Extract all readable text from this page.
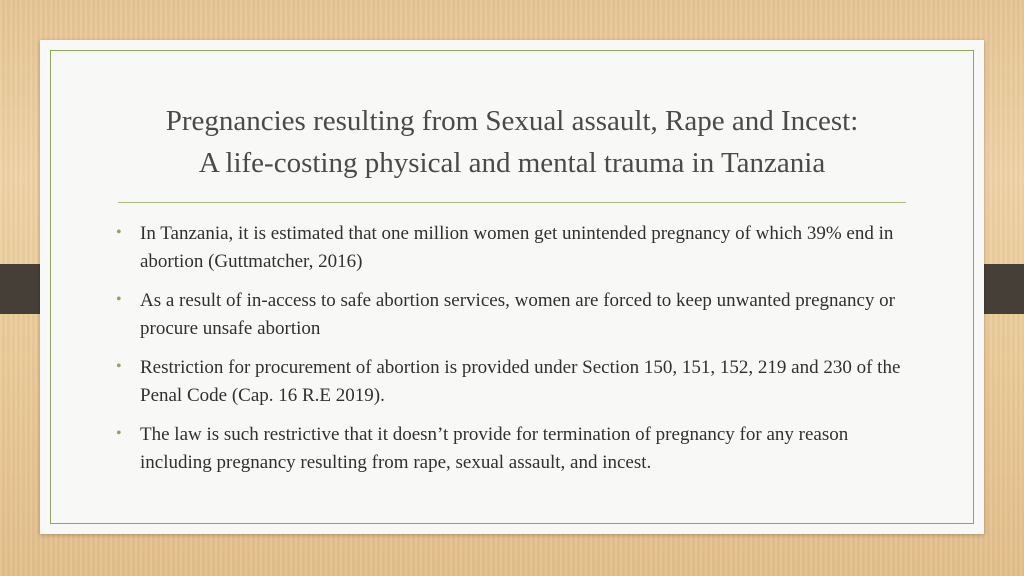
Pregnancies resulting from Sexual assault, Rape and Incest:
A life-costing physical and mental trauma in Tanzania
• In Tanzania, it is estimated that one million women get unintended pregnancy of which 39% end in abortion (Guttmatcher, 2016)
• As a result of in-access to safe abortion services, women are forced to keep unwanted pregnancy or procure unsafe abortion
• Restriction for procurement of abortion is provided under Section 150, 151, 152, 219 and 230 of the Penal Code (Cap. 16 R.E 2019).
• The law is such restrictive that it doesn’t provide for termination of pregnancy for any reason including pregnancy resulting from rape, sexual assault, and incest.
